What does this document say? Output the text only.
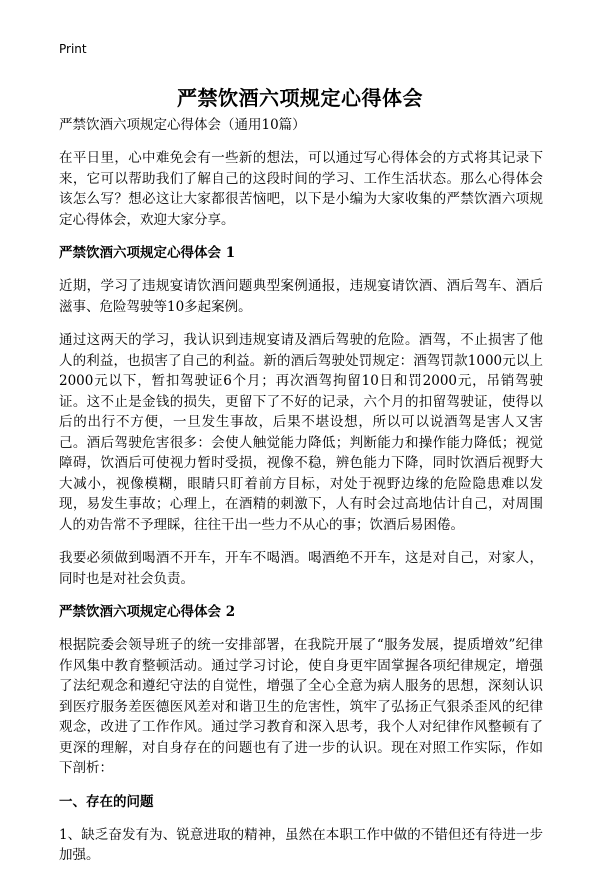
Print
严禁饮酒六项规定心得体会

严禁饮酒六项规定心得体会（通用10篇）

在平日里，心中难免会有一些新的想法，可以通过写心得体会的方式将其记录下来，它可以帮助我们了解自己的这段时间的学习、工作生活状态。那么心得体会该怎么写？想必这让大家都很苦恼吧，以下是小编为大家收集的严禁饮酒六项规定心得体会，欢迎大家分享。

严禁饮酒六项规定心得体会 1

近期，学习了违规宴请饮酒问题典型案例通报，违规宴请饮酒、酒后驾车、酒后滋事、危险驾驶等10多起案例。

通过这两天的学习，我认识到违规宴请及酒后驾驶的危险。酒驾，不止损害了他人的利益，也损害了自己的利益。新的酒后驾驶处罚规定：酒驾罚款1000元以上2000元以下，暂扣驾驶证6个月；再次酒驾拘留10日和罚2000元，吊销驾驶证。这不止是金钱的损失，更留下了不好的记录，六个月的扣留驾驶证，使得以后的出行不方便，一旦发生事故，后果不堪设想，所以可以说酒驾是害人又害己。酒后驾驶危害很多：会使人触觉能力降低；判断能力和操作能力降低；视觉障碍，饮酒后可使视力暂时受损，视像不稳，辨色能力下降，同时饮酒后视野大大减小，视像模糊，眼睛只盯着前方目标，对处于视野边缘的危险隐患难以发现，易发生事故；心理上，在酒精的刺激下，人有时会过高地估计自己，对周围人的劝告常不予理睬，往往干出一些力不从心的事；饮酒后易困倦。

我要必须做到喝酒不开车，开车不喝酒。喝酒绝不开车，这是对自己，对家人，同时也是对社会负责。

严禁饮酒六项规定心得体会 2

根据院委会领导班子的统一安排部署，在我院开展了“服务发展，提质增效”纪律作风集中教育整顿活动。通过学习讨论，使自身更牢固掌握各项纪律规定，增强了法纪观念和遵纪守法的自觉性，增强了全心全意为病人服务的思想，深刻认识到医疗服务差医德医风差对和谐卫生的危害性，筑牢了弘扬正气狠杀歪风的纪律观念，改进了工作作风。通过学习教育和深入思考，我个人对纪律作风整顿有了更深的理解，对自身存在的问题也有了进一步的认识。现在对照工作实际，作如下剖析：

一、存在的问题

1、缺乏奋发有为、锐意进取的精神，虽然在本职工作中做的不错但还有待进一步加强。
